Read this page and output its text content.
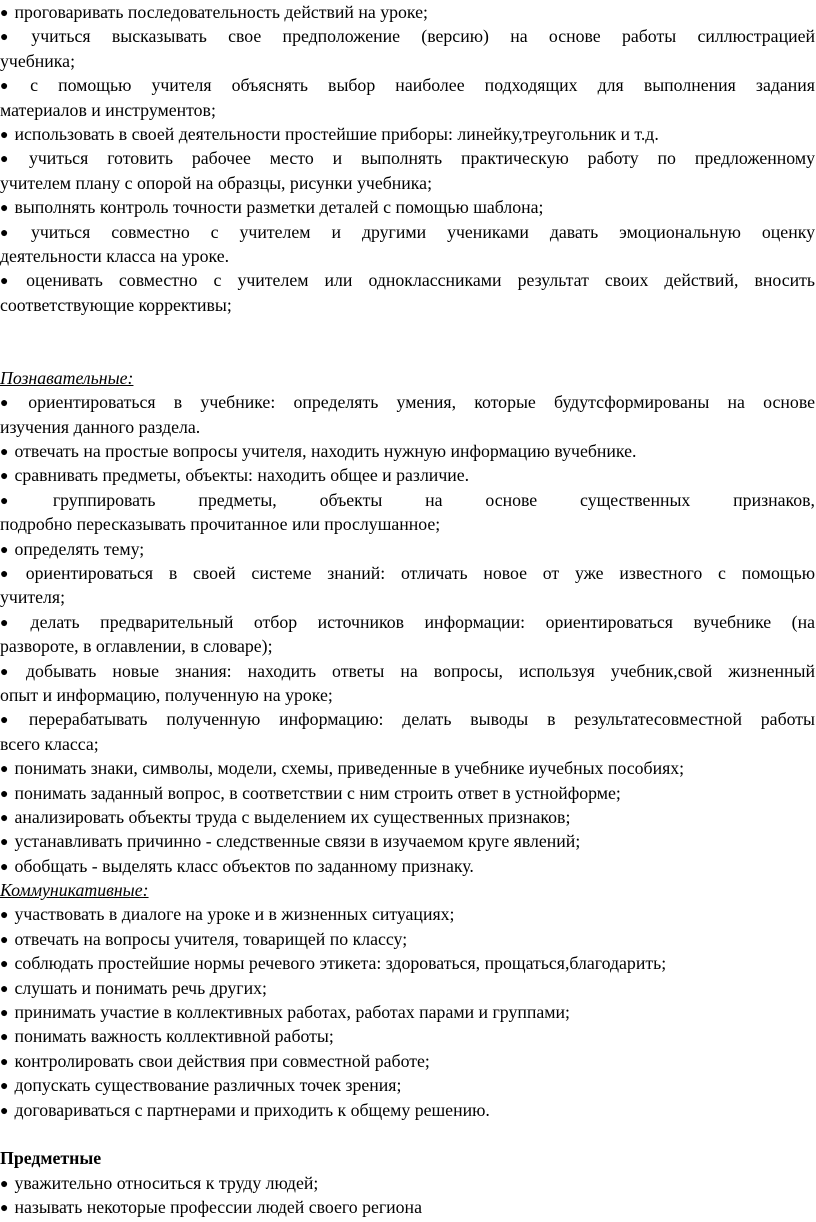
● проговаривать последовательность действий на уроке;
● учиться высказывать свое предположение (версию) на основе работы силлюстрацией
учебника;
● с помощью учителя объяснять выбор наиболее подходящих для выполнения задания
материалов и инструментов;
● использовать в своей деятельности простейшие приборы: линейку,треугольник и т.д.
● учиться готовить рабочее место и выполнять практическую работу по предложенному
учителем плану с опорой на образцы, рисунки учебника;
● выполнять контроль точности разметки деталей с помощью шаблона;
● учиться совместно с учителем и другими учениками давать эмоциональную оценку
деятельности класса на уроке.
● оценивать совместно с учителем или одноклассниками результат своих действий, вносить
соответствующие коррективы;
Познавательные:
● ориентироваться в учебнике: определять умения, которые будутсформированы на основе
изучения данного раздела.
● отвечать на простые вопросы учителя, находить нужную информацию вучебнике.
● сравнивать предметы, объекты: находить общее и различие.
● группировать предметы, объекты на основе существенных признаков,
подробно пересказывать прочитанное или прослушанное;
● определять тему;
● ориентироваться в своей системе знаний: отличать новое от уже известного с помощью
учителя;
● делать предварительный отбор источников информации: ориентироваться вучебнике (на
развороте, в оглавлении, в словаре);
● добывать новые знания: находить ответы на вопросы, используя учебник,свой жизненный
опыт и информацию, полученную на уроке;
● перерабатывать полученную информацию: делать выводы в результатесовместной работы
всего класса;
● понимать знаки, символы, модели, схемы, приведенные в учебнике иучебных пособиях;
● понимать заданный вопрос, в соответствии с ним строить ответ в устнойформе;
● анализировать объекты труда с выделением их существенных признаков;
● устанавливать причинно - следственные связи в изучаемом круге явлений;
● обобщать - выделять класс объектов по заданному признаку.
Коммуникативные:
● участвовать в диалоге на уроке и в жизненных ситуациях;
● отвечать на вопросы учителя, товарищей по классу;
● соблюдать простейшие нормы речевого этикета: здороваться, прощаться,благодарить;
● слушать и понимать речь других;
● принимать участие в коллективных работах, работах парами и группами;
● понимать важность коллективной работы;
● контролировать свои действия при совместной работе;
● допускать существование различных точек зрения;
● договариваться с партнерами и приходить к общему решению.
Предметные
● уважительно относиться к труду людей;
● называть некоторые профессии людей своего региона
